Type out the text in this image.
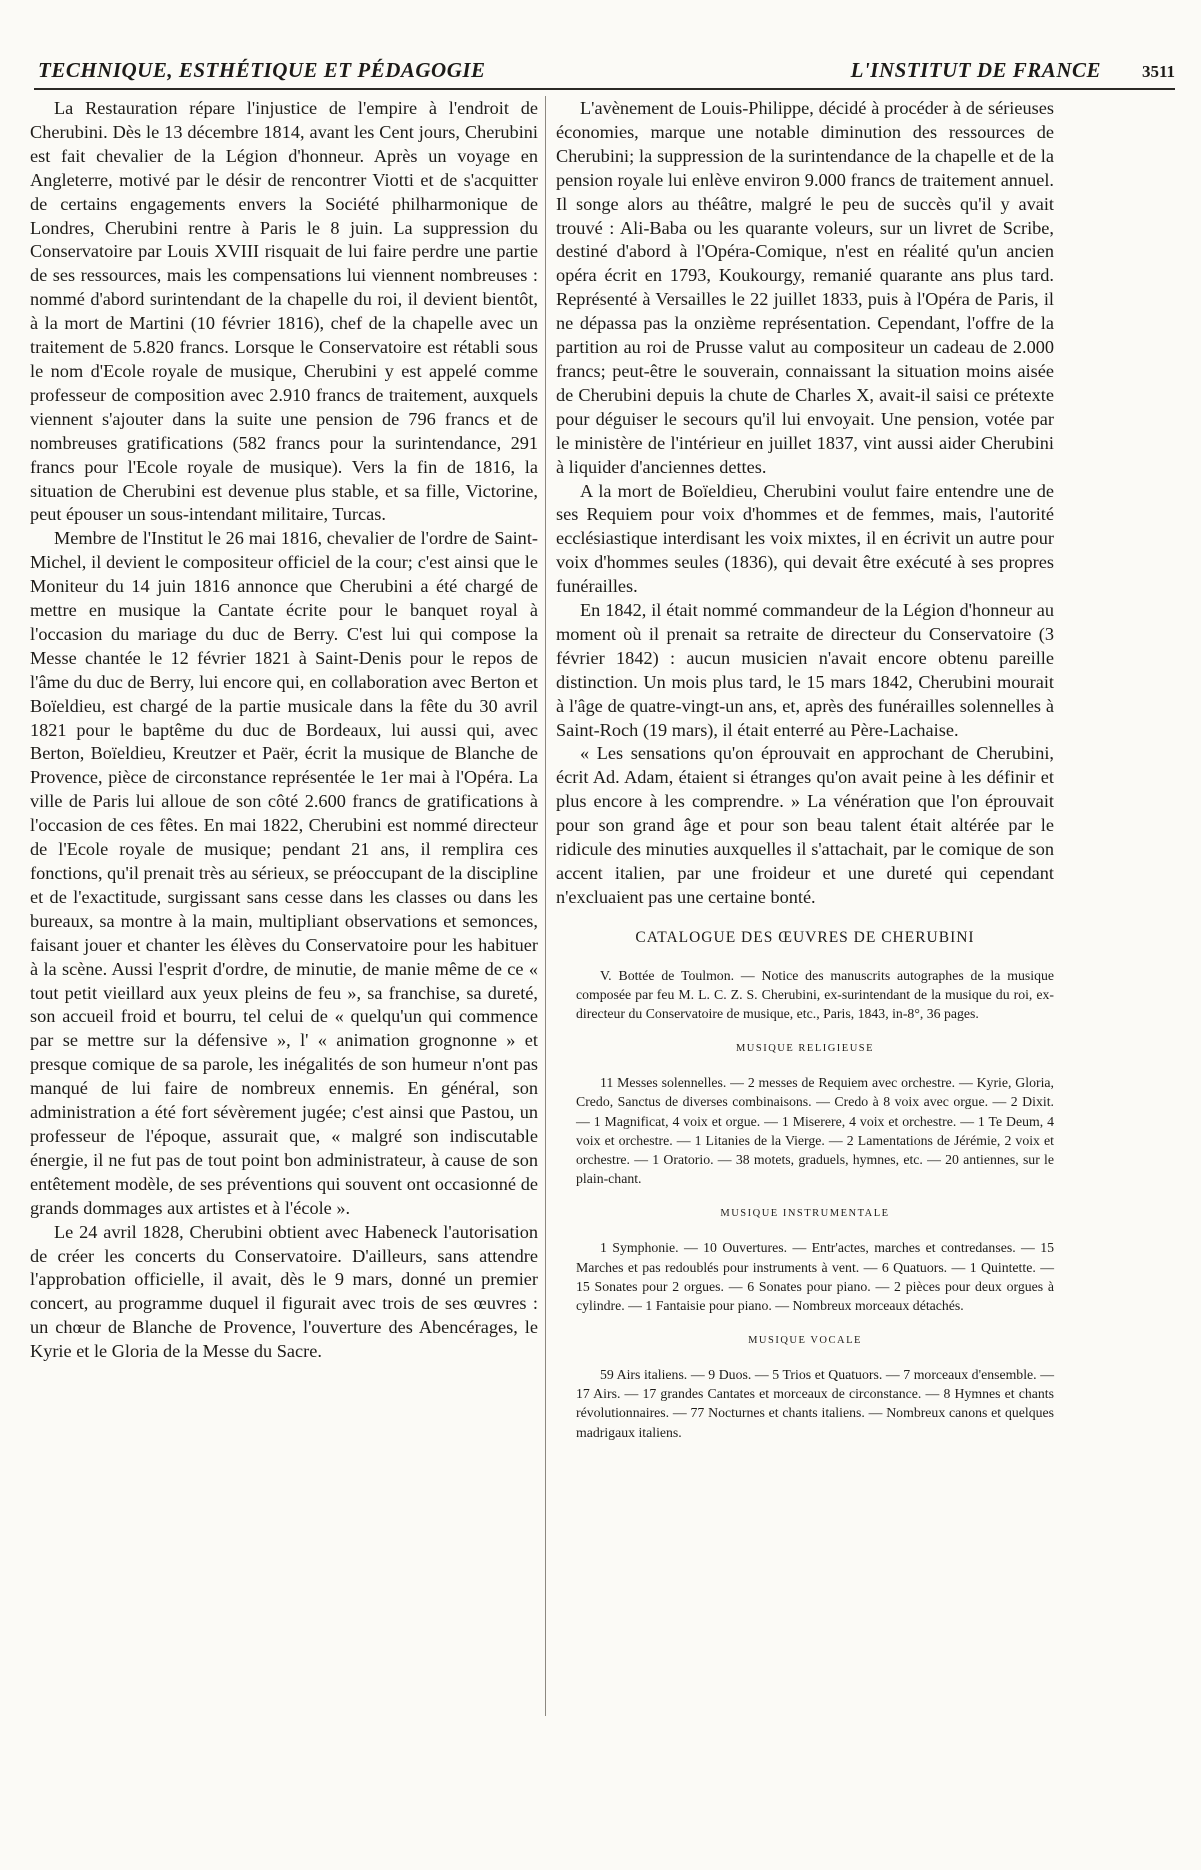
TECHNIQUE, ESTHÉTIQUE ET PÉDAGOGIE	L'INSTITUT DE FRANCE 3511

La Restauration répare l'injustice de l'empire à l'endroit de Cherubini. Dès le 13 décembre 1814, avant les Cent jours, Cherubini est fait chevalier de la Légion d'honneur. Après un voyage en Angleterre, motivé par le désir de rencontrer Viotti et de s'acquitter de certains engagements envers la Société philharmonique de Londres, Cherubini rentre à Paris le 8 juin. La suppression du Conservatoire par Louis XVIII risquait de lui faire perdre une partie de ses ressources, mais les compensations lui viennent nombreuses : nommé d'abord surintendant de la chapelle du roi, il devient bientôt, à la mort de Martini (10 février 1816), chef de la chapelle avec un traitement de 5.820 francs. Lorsque le Conservatoire est rétabli sous le nom d'Ecole royale de musique, Cherubini y est appelé comme professeur de composition avec 2.910 francs de traitement, auxquels viennent s'ajouter dans la suite une pension de 796 francs et de nombreuses gratifications (582 francs pour la surintendance, 291 francs pour l'Ecole royale de musique). Vers la fin de 1816, la situation de Cherubini est devenue plus stable, et sa fille, Victorine, peut épouser un sous-intendant militaire, Turcas.

Membre de l'Institut le 26 mai 1816, chevalier de l'ordre de Saint-Michel, il devient le compositeur officiel de la cour; c'est ainsi que le Moniteur du 14 juin 1816 annonce que Cherubini a été chargé de mettre en musique la Cantate écrite pour le banquet royal à l'occasion du mariage du duc de Berry. C'est lui qui compose la Messe chantée le 12 février 1821 à Saint-Denis pour le repos de l'âme du duc de Berry, lui encore qui, en collaboration avec Berton et Boïeldieu, est chargé de la partie musicale dans la fête du 30 avril 1821 pour le baptême du duc de Bordeaux, lui aussi qui, avec Berton, Boïeldieu, Kreutzer et Paër, écrit la musique de Blanche de Provence, pièce de circonstance représentée le 1er mai à l'Opéra. La ville de Paris lui alloue de son côté 2.600 francs de gratifications à l'occasion de ces fêtes. En mai 1822, Cherubini est nommé directeur de l'Ecole royale de musique; pendant 21 ans, il remplira ces fonctions, qu'il prenait très au sérieux, se préoccupant de la discipline et de l'exactitude, surgissant sans cesse dans les classes ou dans les bureaux, sa montre à la main, multipliant observations et semonces, faisant jouer et chanter les élèves du Conservatoire pour les habituer à la scène. Aussi l'esprit d'ordre, de minutie, de manie même de ce « tout petit vieillard aux yeux pleins de feu », sa franchise, sa dureté, son accueil froid et bourru, tel celui de « quelqu'un qui commence par se mettre sur la défensive », l' « animation grognonne » et presque comique de sa parole, les inégalités de son humeur n'ont pas manqué de lui faire de nombreux ennemis. En général, son administration a été fort sévèrement jugée; c'est ainsi que Pastou, un professeur de l'époque, assurait que, « malgré son indiscutable énergie, il ne fut pas de tout point bon administrateur, à cause de son entêtement modèle, de ses préventions qui souvent ont occasionné de grands dommages aux artistes et à l'école ».

Le 24 avril 1828, Cherubini obtient avec Habeneck l'autorisation de créer les concerts du Conservatoire. D'ailleurs, sans attendre l'approbation officielle, il avait, dès le 9 mars, donné un premier concert, au programme duquel il figurait avec trois de ses œuvres : un chœur de Blanche de Provence, l'ouverture des Abencérages, le Kyrie et le Gloria de la Messe du Sacre.

L'avènement de Louis-Philippe, décidé à procéder à de sérieuses économies, marque une notable diminution des ressources de Cherubini; la suppression de la surintendance de la chapelle et de la pension royale lui enlève environ 9.000 francs de traitement annuel. Il songe alors au théâtre, malgré le peu de succès qu'il y avait trouvé : Ali-Baba ou les quarante voleurs, sur un livret de Scribe, destiné d'abord à l'Opéra-Comique, n'est en réalité qu'un ancien opéra écrit en 1793, Koukourgy, remanié quarante ans plus tard. Représenté à Versailles le 22 juillet 1833, puis à l'Opéra de Paris, il ne dépassa pas la onzième représentation. Cependant, l'offre de la partition au roi de Prusse valut au compositeur un cadeau de 2.000 francs; peut-être le souverain, connaissant la situation moins aisée de Cherubini depuis la chute de Charles X, avait-il saisi ce prétexte pour déguiser le secours qu'il lui envoyait. Une pension, votée par le ministère de l'intérieur en juillet 1837, vint aussi aider Cherubini à liquider d'anciennes dettes.

A la mort de Boïeldieu, Cherubini voulut faire entendre une de ses Requiem pour voix d'hommes et de femmes, mais, l'autorité ecclésiastique interdisant les voix mixtes, il en écrivit un autre pour voix d'hommes seules (1836), qui devait être exécuté à ses propres funérailles.

En 1842, il était nommé commandeur de la Légion d'honneur au moment où il prenait sa retraite de directeur du Conservatoire (3 février 1842) : aucun musicien n'avait encore obtenu pareille distinction. Un mois plus tard, le 15 mars 1842, Cherubini mourait à l'âge de quatre-vingt-un ans, et, après des funérailles solennelles à Saint-Roch (19 mars), il était enterré au Père-Lachaise.

« Les sensations qu'on éprouvait en approchant de Cherubini, écrit Ad. Adam, étaient si étranges qu'on avait peine à les définir et plus encore à les comprendre. » La vénération que l'on éprouvait pour son grand âge et pour son beau talent était altérée par le ridicule des minuties auxquelles il s'attachait, par le comique de son accent italien, par une froideur et une dureté qui cependant n'excluaient pas une certaine bonté.

CATALOGUE DES ŒUVRES DE CHERUBINI

V. Bottée de Toulmon. — Notice des manuscrits autographes de la musique composée par feu M. L. C. Z. S. Cherubini, ex-surintendant de la musique du roi, ex-directeur du Conservatoire de musique, etc., Paris, 1843, in-8°, 36 pages.

MUSIQUE RELIGIEUSE

11 Messes solennelles. — 2 messes de Requiem avec orchestre. — Kyrie, Gloria, Credo, Sanctus de diverses combinaisons. — Credo à 8 voix avec orgue. — 2 Dixit. — 1 Magnificat, 4 voix et orgue. — 1 Miserere, 4 voix et orchestre. — 1 Te Deum, 4 voix et orchestre. — 1 Litanies de la Vierge. — 2 Lamentations de Jérémie, 2 voix et orchestre. — 1 Oratorio. — 38 motets, graduels, hymnes, etc. — 20 antiennes, sur le plain-chant.

MUSIQUE INSTRUMENTALE

1 Symphonie. — 10 Ouvertures. — Entr'actes, marches et contredanses. — 15 Marches et pas redoublés pour instruments à vent. — 6 Quatuors. — 1 Quintette. — 15 Sonates pour 2 orgues. — 6 Sonates pour piano. — 2 pièces pour deux orgues à cylindre. — 1 Fantaisie pour piano. — Nombreux morceaux détachés.

MUSIQUE VOCALE

59 Airs italiens. — 9 Duos. — 5 Trios et Quatuors. — 7 morceaux d'ensemble. — 17 Airs. — 17 grandes Cantates et morceaux de circonstance. — 8 Hymnes et chants révolutionnaires. — 77 Nocturnes et chants italiens. — Nombreux canons et quelques madrigaux italiens.
